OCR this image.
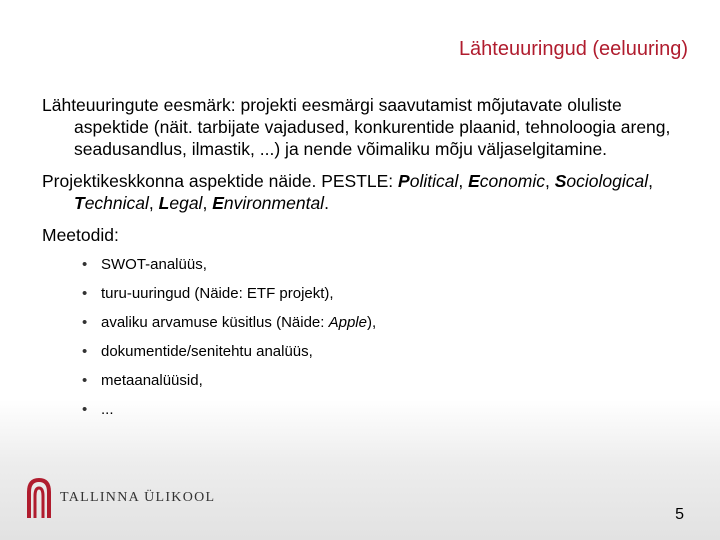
Lähteuuringud (eeluuring)

Lähteuuringute eesmärk: projekti eesmärgi saavutamist mõjutavate oluliste aspektide (näit. tarbijate vajadused, konkurentide plaanid, tehnoloogia areng, seadusandlus, ilmastik, ...) ja nende võimaliku mõju väljaselgitamine.

Projektikeskkonna aspektide näide. PESTLE: Political, Economic, Sociological, Technical, Legal, Environmental.

Meetodid:

• SWOT-analüüs,
• turu-uuringud (Näide: ETF projekt),
• avaliku arvamuse küsitlus (Näide: Apple),
• dokumentide/senitehtu analüüs,
• metaanalüüsid,
• ...
TALLINNA ÜLIKOOL
5
